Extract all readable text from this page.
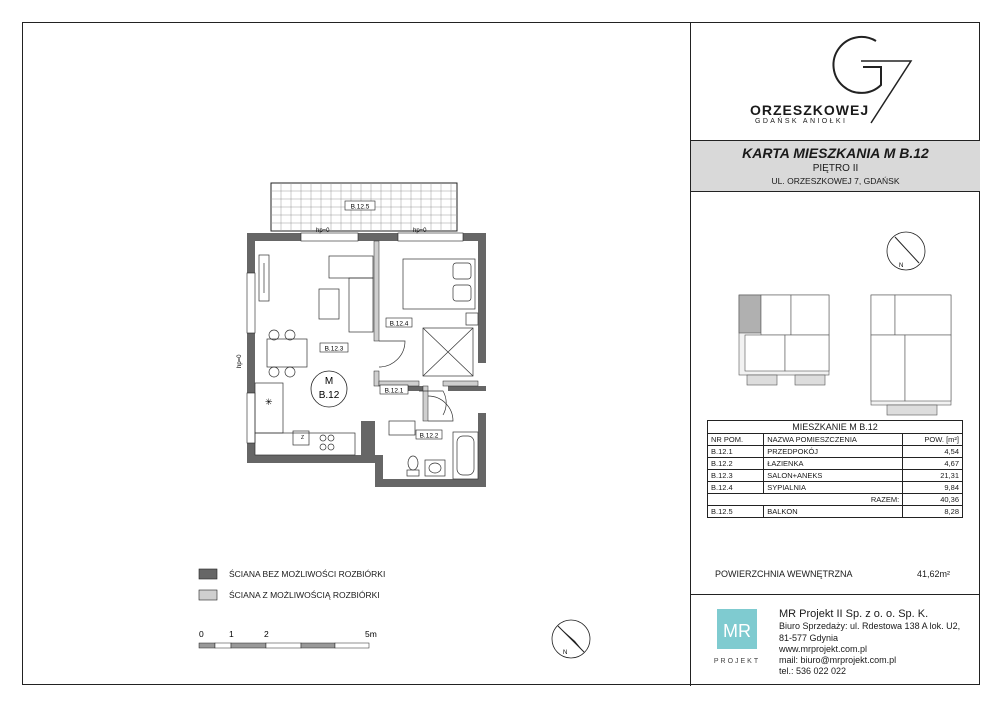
B.12.5
hp=0	hp=0
hp=0
Z
✳
B.12.4
B.12.2
B.12.3
B.12.1
M
B.12
0	1	2	5m
N
ŚCIANA BEZ MOŻLIWOŚCI ROZBIÓRKI
ŚCIANA Z MOŻLIWOŚCIĄ ROZBIÓRKI
ORZESZKOWEJ
GDAŃSK ANIOŁKI
KARTA MIESZKANIA M B.12
PIĘTRO II
UL. ORZESZKOWEJ 7, GDAŃSK
N
MIESZKANIE M B.12		
NR POM.	NAZWA POMIESZCZENIA	POW. [m²]
B.12.1	PRZEDPOKÓJ	4,54
B.12.2	ŁAZIENKA	4,67
B.12.3	SALON+ANEKS	21,31
B.12.4	SYPIALNIA	9,84
RAZEM:		40,36
B.12.5	BALKON	8,28
POWIERZCHNIA WEWNĘTRZNA	41,62m²
MR
PROJEKT
MR Projekt II Sp. z o. o. Sp. K.
Biuro Sprzedaży: ul. Rdestowa 138 A lok. U2,
81-577 Gdynia
www.mrprojekt.com.pl
mail: biuro@mrprojekt.com.pl
tel.: 536 022 022
